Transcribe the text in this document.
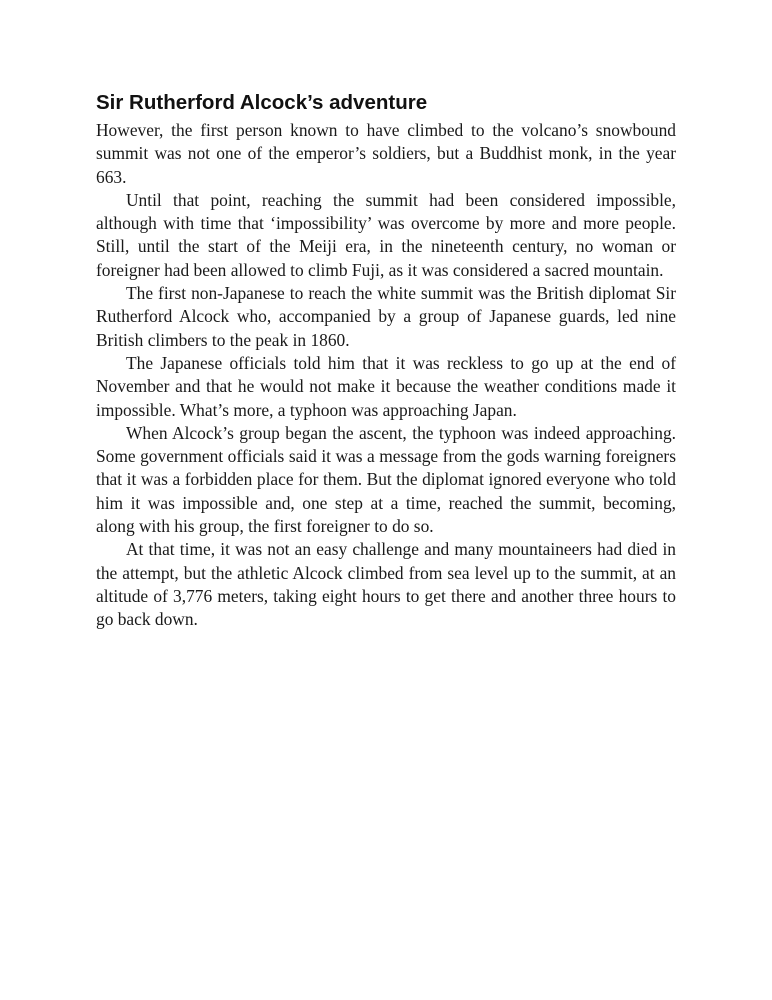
Sir Rutherford Alcock’s adventure

However, the first person known to have climbed to the volcano’s snowbound summit was not one of the emperor’s soldiers, but a Buddhist monk, in the year 663.

Until that point, reaching the summit had been considered impossible, although with time that ‘impossibility’ was overcome by more and more people. Still, until the start of the Meiji era, in the nineteenth century, no woman or foreigner had been allowed to climb Fuji, as it was considered a sacred mountain.

The first non-Japanese to reach the white summit was the British diplomat Sir Rutherford Alcock who, accompanied by a group of Japanese guards, led nine British climbers to the peak in 1860.

The Japanese officials told him that it was reckless to go up at the end of November and that he would not make it because the weather conditions made it impossible. What’s more, a typhoon was approaching Japan.

When Alcock’s group began the ascent, the typhoon was indeed approaching. Some government officials said it was a message from the gods warning foreigners that it was a forbidden place for them. But the diplomat ignored everyone who told him it was impossible and, one step at a time, reached the summit, becoming, along with his group, the first foreigner to do so.

At that time, it was not an easy challenge and many mountaineers had died in the attempt, but the athletic Alcock climbed from sea level up to the summit, at an altitude of 3,776 meters, taking eight hours to get there and another three hours to go back down.
